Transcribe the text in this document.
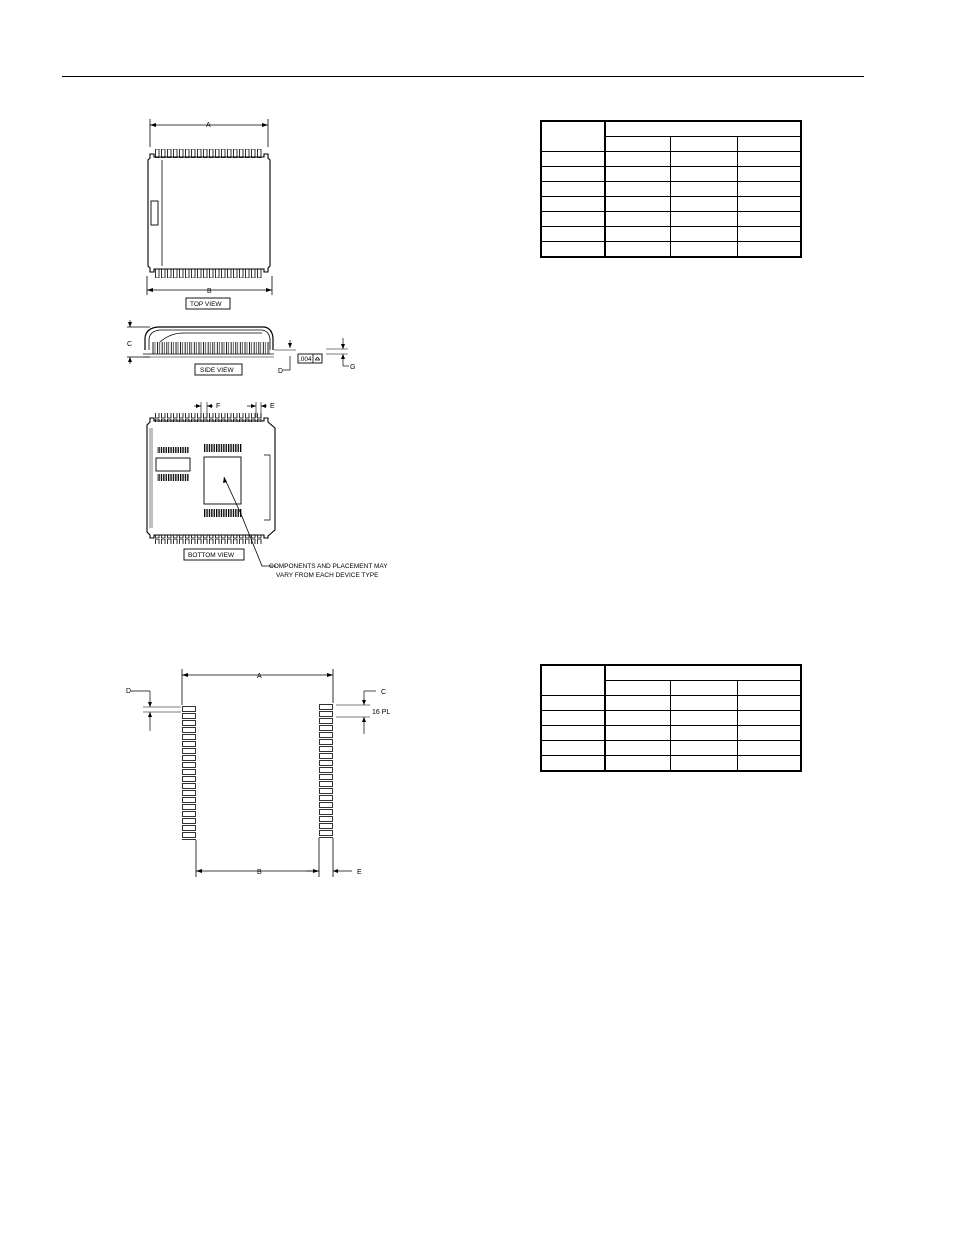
A
B
TOP VIEW
C
D
.004
G
SIDE VIEW
F	E
BOTTOM VIEW
COMPONENTS AND PLACEMENT MAY
VARY FROM EACH DEVICE TYPE
A
D	C
16 PL
B	E
